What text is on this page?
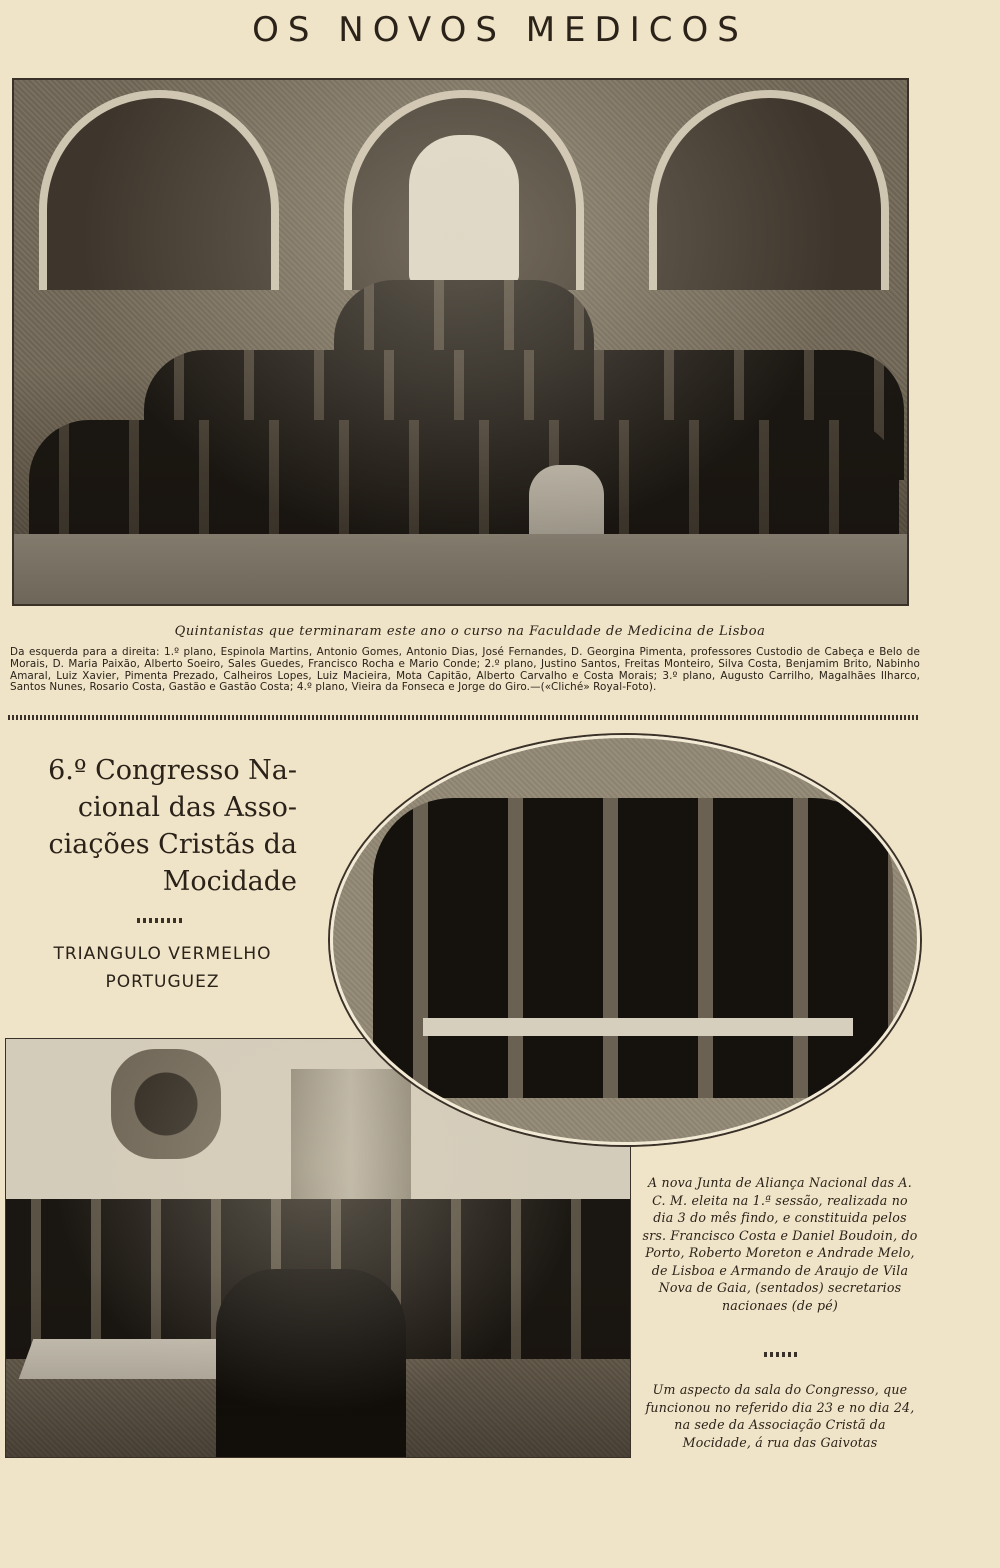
OS NOVOS MEDICOS

Quintanistas que terminaram este ano o curso na Faculdade de Medicina de Lisboa

Da esquerda para a direita: 1.º plano, Espinola Martins, Antonio Gomes, Antonio Dias, José Fernandes, D. Georgina Pimenta, professores Custodio de Cabeça e Belo de Morais, D. Maria Paixão, Alberto Soeiro, Sales Guedes, Francisco Rocha e Mario Conde; 2.º plano, Justino Santos, Freitas Monteiro, Silva Costa, Benjamim Brito, Nabinho Amaral, Luiz Xavier, Pimenta Prezado, Calheiros Lopes, Luiz Macieira, Mota Capitão, Alberto Carvalho e Costa Morais; 3.º plano, Augusto Carrilho, Magalhães Ilharco, Santos Nunes, Rosario Costa, Gastão e Gastão Costa; 4.º plano, Vieira da Fonseca e Jorge do Giro.—(«Cliché» Royal-Foto).

6.º Congresso Na-
cional das Asso-
ciações Cristãs da
Mocidade
TRIANGULO VERMELHO
PORTUGUEZ

A nova Junta de Aliança Nacional das A. C. M. eleita na 1.ª sessão, realizada no dia 3 do mês findo, e constituida pelos srs. Francisco Costa e Daniel Boudoin, do Porto, Roberto Moreton e Andrade Melo, de Lisboa e Armando de Araujo de Vila Nova de Gaia, (sentados) secretarios nacionaes (de pé)

Um aspecto da sala do Congresso, que funcionou no referido dia 23 e no dia 24, na sede da Associação Cristã da Mocidade, á rua das Gaivotas
